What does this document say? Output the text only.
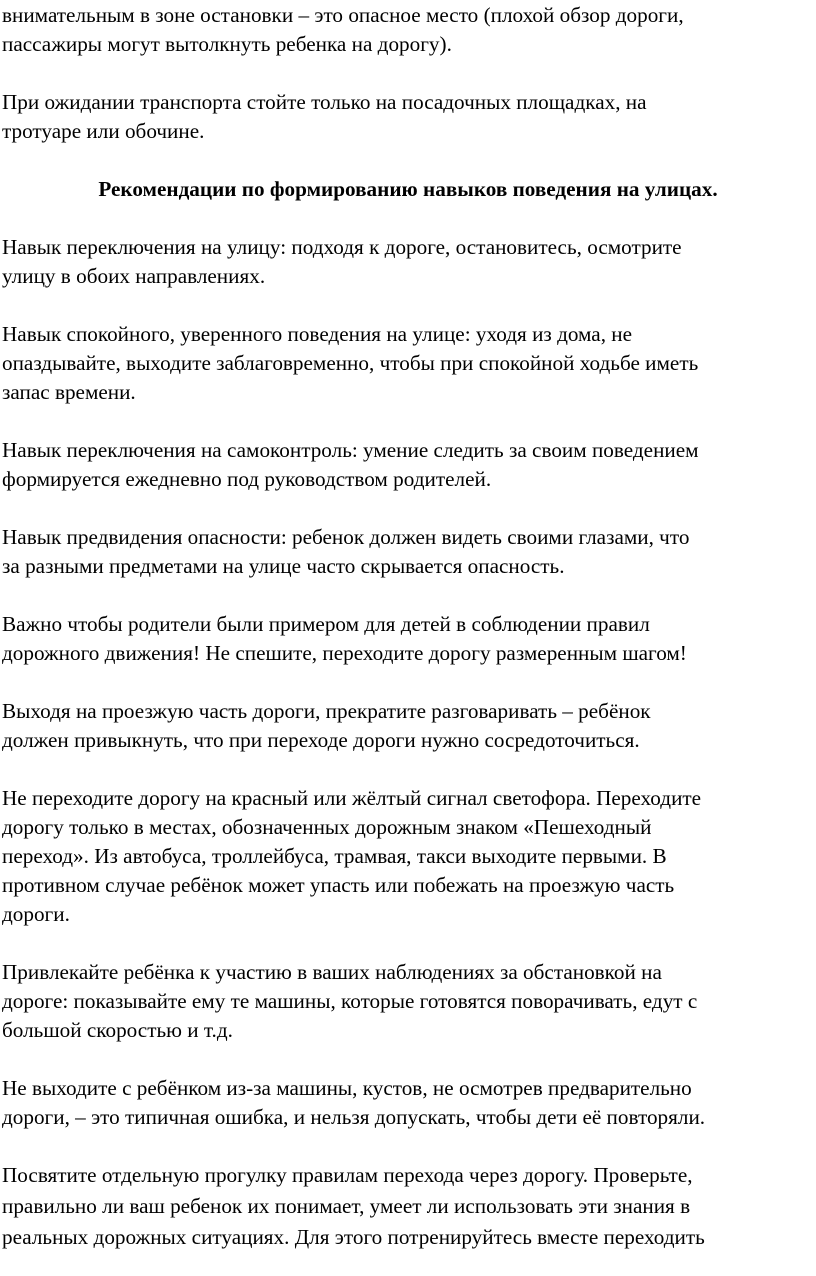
внимательным в зоне остановки – это опасное место (плохой обзор дороги,
пассажиры могут вытолкнуть ребенка на дорогу).

При ожидании транспорта стойте только на посадочных площадках, на
тротуаре или обочине.

Рекомендации по формированию навыков поведения на улицах.

Навык переключения на улицу: подходя к дороге, остановитесь, осмотрите
улицу в обоих направлениях.

Навык спокойного, уверенного поведения на улице: уходя из дома, не
опаздывайте, выходите заблаговременно, чтобы при спокойной ходьбе иметь
запас времени.

Навык переключения на самоконтроль: умение следить за своим поведением
формируется ежедневно под руководством родителей.

Навык предвидения опасности: ребенок должен видеть своими глазами, что
за разными предметами на улице часто скрывается опасность.

Важно чтобы родители были примером для детей в соблюдении правил
дорожного движения! Не спешите, переходите дорогу размеренным шагом!

Выходя на проезжую часть дороги, прекратите разговаривать – ребёнок
должен привыкнуть, что при переходе дороги нужно сосредоточиться.

Не переходите дорогу на красный или жёлтый сигнал светофора. Переходите
дорогу только в местах, обозначенных дорожным знаком «Пешеходный
переход». Из автобуса, троллейбуса, трамвая, такси выходите первыми. В
противном случае ребёнок может упасть или побежать на проезжую часть
дороги.

Привлекайте ребёнка к участию в ваших наблюдениях за обстановкой на
дороге: показывайте ему те машины, которые готовятся поворачивать, едут с
большой скоростью и т.д.

Не выходите с ребёнком из-за машины, кустов, не осмотрев предварительно
дороги, – это типичная ошибка, и нельзя допускать, чтобы дети её повторяли.

Посвятите отдельную прогулку правилам перехода через дорогу. Проверьте,
правильно ли ваш ребенок их понимает, умеет ли использовать эти знания в
реальных дорожных ситуациях. Для этого потренируйтесь вместе переходить
